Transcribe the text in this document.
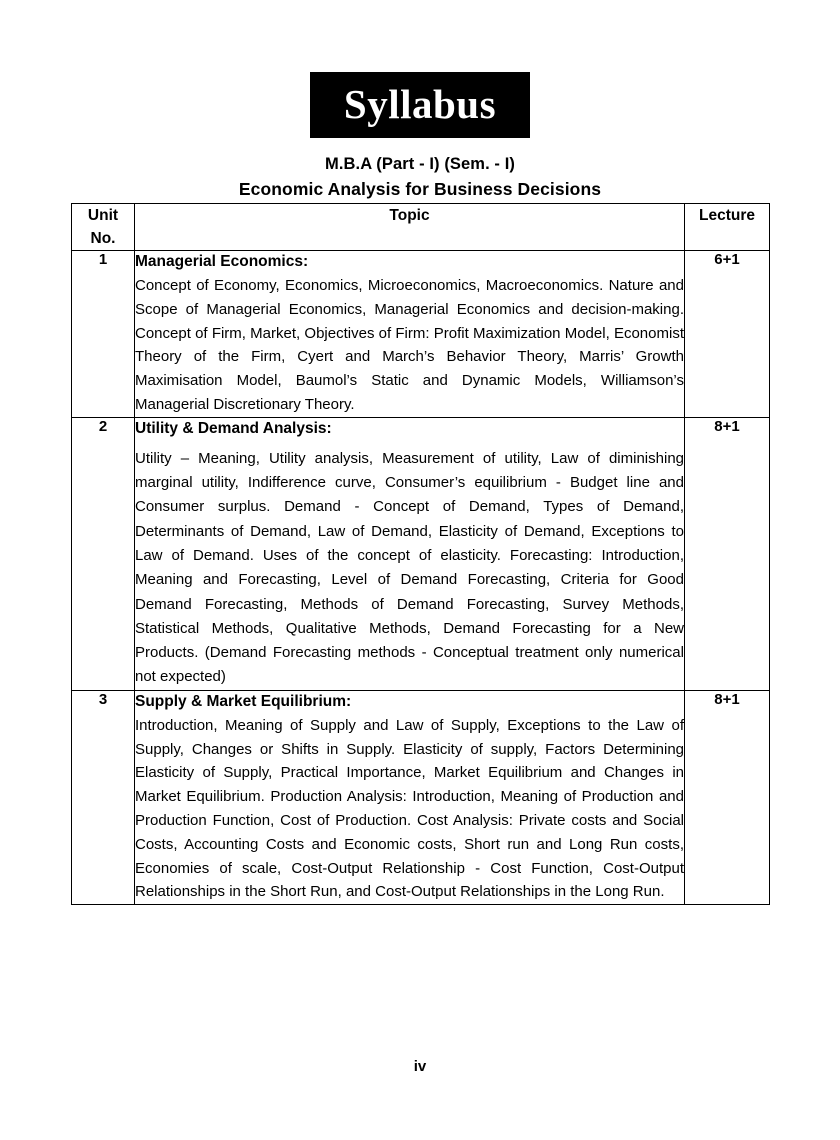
Syllabus
M.B.A (Part - I) (Sem. - I)
Economic Analysis for Business Decisions
Unit
No.	Topic	Lecture
1	Managerial Economics:
Concept of Economy, Economics, Microeconomics, Macroeconomics. Nature and Scope of Managerial Economics, Managerial Economics and decision-making. Concept of Firm, Market, Objectives of Firm: Profit Maximization Model, Economist Theory of the Firm, Cyert and March’s Behavior Theory, Marris’ Growth Maximisation Model, Baumol’s Static and Dynamic Models, Williamson’s Managerial Discretionary Theory.	6+1
2	Utility & Demand Analysis:
Utility – Meaning, Utility analysis, Measurement of utility, Law of diminishing marginal utility, Indifference curve, Consumer’s equilibrium - Budget line and Consumer surplus. Demand - Concept of Demand, Types of Demand, Determinants of Demand, Law of Demand, Elasticity of Demand, Exceptions to Law of Demand. Uses of the concept of elasticity. Forecasting: Introduction, Meaning and Forecasting, Level of Demand Forecasting, Criteria for Good Demand Forecasting, Methods of Demand Forecasting, Survey Methods, Statistical Methods, Qualitative Methods, Demand Forecasting for a New Products. (Demand Forecasting methods - Conceptual treatment only numerical not expected)	8+1
3	Supply & Market Equilibrium:
Introduction, Meaning of Supply and Law of Supply, Exceptions to the Law of Supply, Changes or Shifts in Supply. Elasticity of supply, Factors Determining Elasticity of Supply, Practical Importance, Market Equilibrium and Changes in Market Equilibrium. Production Analysis: Introduction, Meaning of Production and Production Function, Cost of Production. Cost Analysis: Private costs and Social Costs, Accounting Costs and Economic costs, Short run and Long Run costs, Economies of scale, Cost-Output Relationship - Cost Function, Cost-Output Relationships in the Short Run, and Cost-Output Relationships in the Long Run.	8+1
iv
